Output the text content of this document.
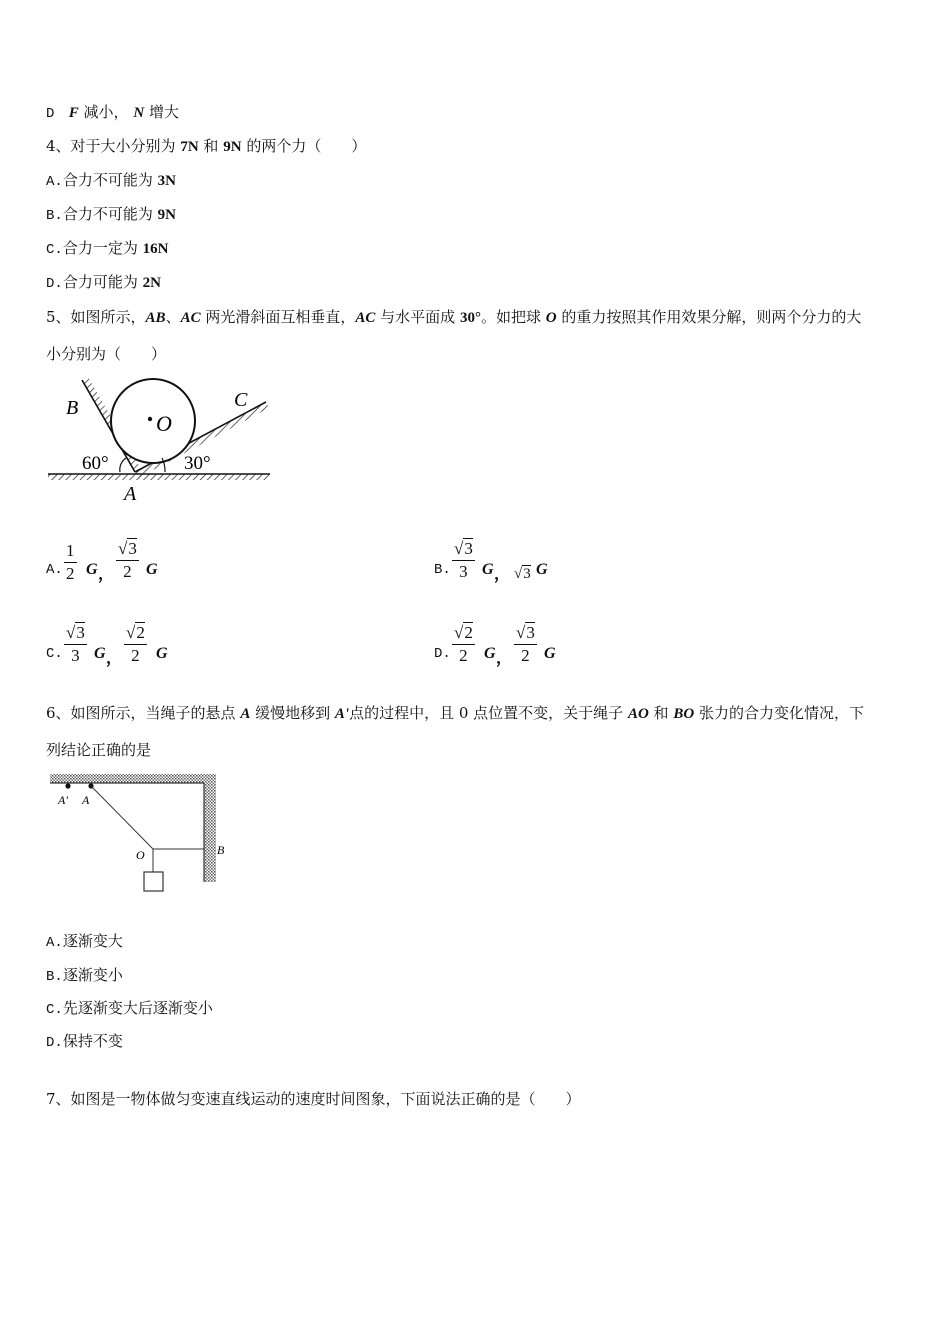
D F 减小， N 增大
4、对于大小分别为 7N 和 9N 的两个力（　　）
A.合力不可能为 3N
B.合力不可能为 9N
C.合力一定为 16N
D.合力可能为 2N
5、如图所示，AB、AC 两光滑斜面互相垂直，AC 与水平面成 30°。如把球 O 的重力按照其作用效果分解，则两个分力的大
小分别为（　　）
B	C
O
A
60°	30°
A. $\frac{1}{2}$ G ， $\frac{√3}{2}$ G	B. $\frac{√3}{3}$ G ， √3 G
C. $\frac{√3}{3}$ G ， $\frac{√2}{2}$ G	D. $\frac{√2}{2}$ G ， $\frac{√3}{2}$ G
6、如图所示，当绳子的悬点 A 缓慢地移到 A'点的过程中，且 0 点位置不变，关于绳子 AO 和 BO 张力的合力变化情况，下
列结论正确的是
A' A
O	B
A.逐渐变大
B.逐渐变小
C.先逐渐变大后逐渐变小
D.保持不变
7、如图是一物体做匀变速直线运动的速度时间图象，下面说法正确的是（　　）
